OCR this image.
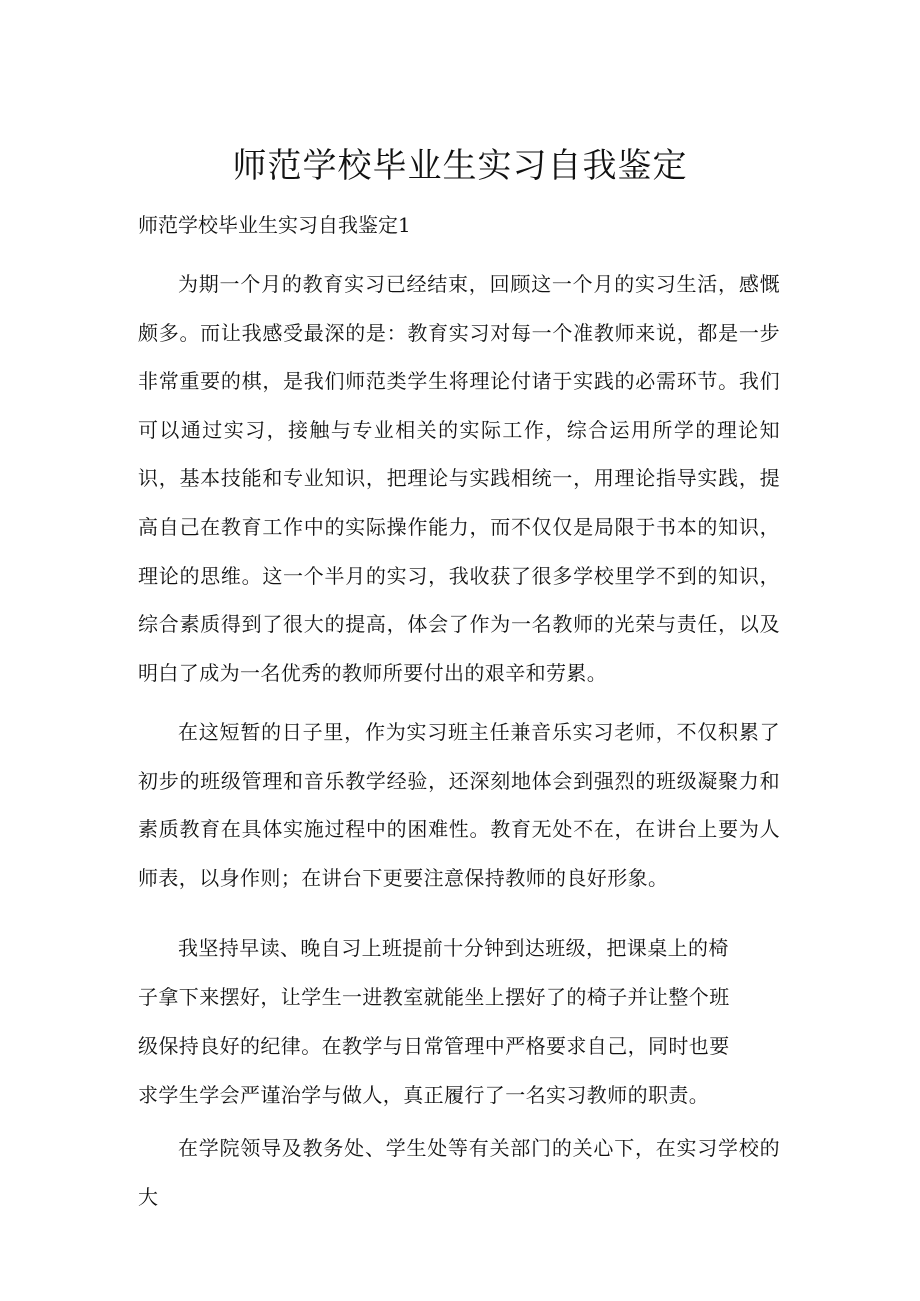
师范学校毕业生实习自我鉴定

师范学校毕业生实习自我鉴定1

为期一个月的教育实习已经结束，回顾这一个月的实习生活，感慨颇多。而让我感受最深的是：教育实习对每一个准教师来说，都是一步非常重要的棋，是我们师范类学生将理论付诸于实践的必需环节。我们可以通过实习，接触与专业相关的实际工作，综合运用所学的理论知识，基本技能和专业知识，把理论与实践相统一，用理论指导实践，提高自己在教育工作中的实际操作能力，而不仅仅是局限于书本的知识，理论的思维。这一个半月的实习，我收获了很多学校里学不到的知识，综合素质得到了很大的提高，体会了作为一名教师的光荣与责任，以及明白了成为一名优秀的教师所要付出的艰辛和劳累。

在这短暂的日子里，作为实习班主任兼音乐实习老师，不仅积累了初步的班级管理和音乐教学经验，还深刻地体会到强烈的班级凝聚力和素质教育在具体实施过程中的困难性。教育无处不在，在讲台上要为人师表，以身作则；在讲台下更要注意保持教师的良好形象。

我坚持早读、晚自习上班提前十分钟到达班级，把课桌上的椅

子拿下来摆好，让学生一进教室就能坐上摆好了的椅子并让整个班

级保持良好的纪律。在教学与日常管理中严格要求自己，同时也要

求学生学会严谨治学与做人，真正履行了一名实习教师的职责。

在学院领导及教务处、学生处等有关部门的关心下，在实习学校的大
